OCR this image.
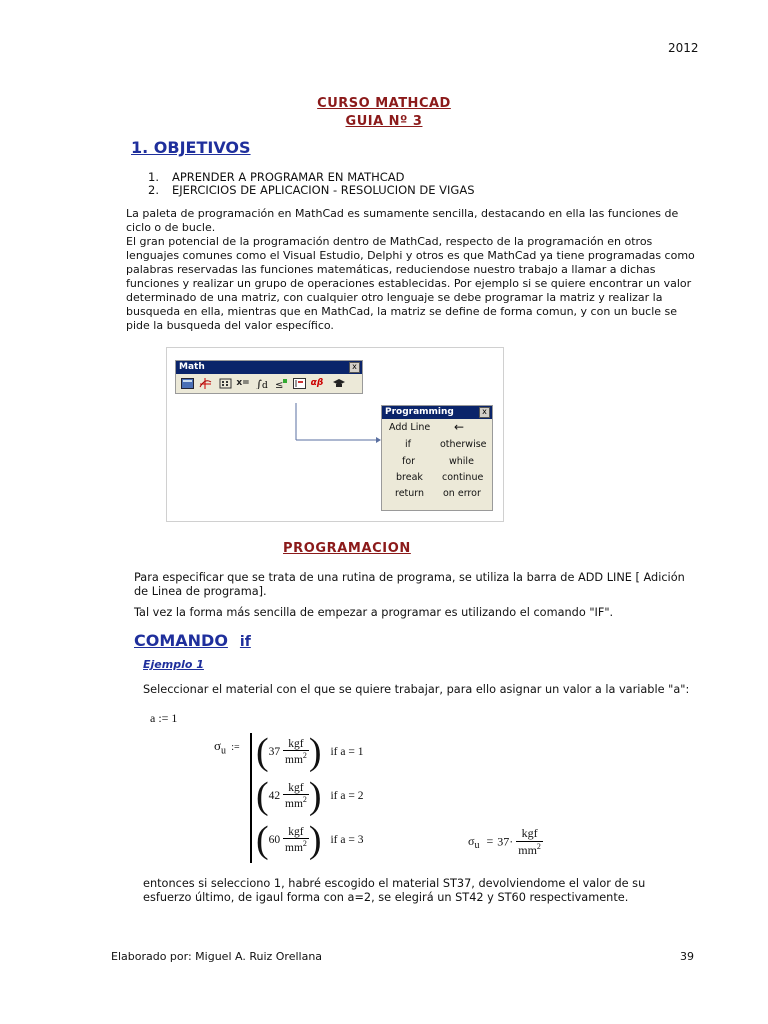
2012
CURSO MATHCAD
GUIA Nº 3
1. OBJETIVOS
1. APRENDER A PROGRAMAR EN MATHCAD
2. EJERCICIOS DE APLICACION - RESOLUCION DE VIGAS

La paleta de programación en MathCad es sumamente sencilla, destacando en ella las funciones de ciclo o de bucle.

El gran potencial de la programación dentro de MathCad, respecto de la programación en otros lenguajes comunes como el Visual Estudio, Delphi y otros es que MathCad ya tiene programadas como palabras reservadas las funciones matemáticas, reduciendose nuestro trabajo a llamar a dichas funciones y realizar un grupo de operaciones establecidas. Por ejemplo si se quiere encontrar un valor determinado de una matriz, con cualquier otro lenguaje se debe programar la matriz y realizar la busqueda en ella, mientras que en MathCad, la matriz se define de forma comun, y con un bucle se pide la busqueda del valor específico.

Math	x
x= ∫ d ≤	αβ
Programming	x
Add Line ←
if	otherwise
for	while
break continue
return on error
PROGRAMACION
Para especificar que se trata de una rutina de programa, se utiliza la barra de ADD LINE [ Adición de Linea de programa].
Tal vez la forma más sencilla de empezar a programar es utilizando el comando "IF".
COMANDO if
Ejemplo 1
Seleccionar el material con el que se quiere trabajar, para ello asignar un valor a la variable "a":
a := 1
$\sigma_u$ := ($37 \frac{\text{kgf}}{mm^2}$ ) if a = 1
($42 \frac{\text{kgf}}{mm^2}$ ) if a = 2
($60 \frac{\text{kgf}}{mm^2}$ ) if a = 3	$\sigma_u = 37\cdot \frac{\text{kgf}}{mm^2}$
entonces si selecciono 1, habré escogido el material ST37, devolviendome el valor de su esfuerzo último, de igaul forma con a=2, se elegirá un ST42 y ST60 respectivamente.
Elaborado por: Miguel A. Ruiz Orellana	39
